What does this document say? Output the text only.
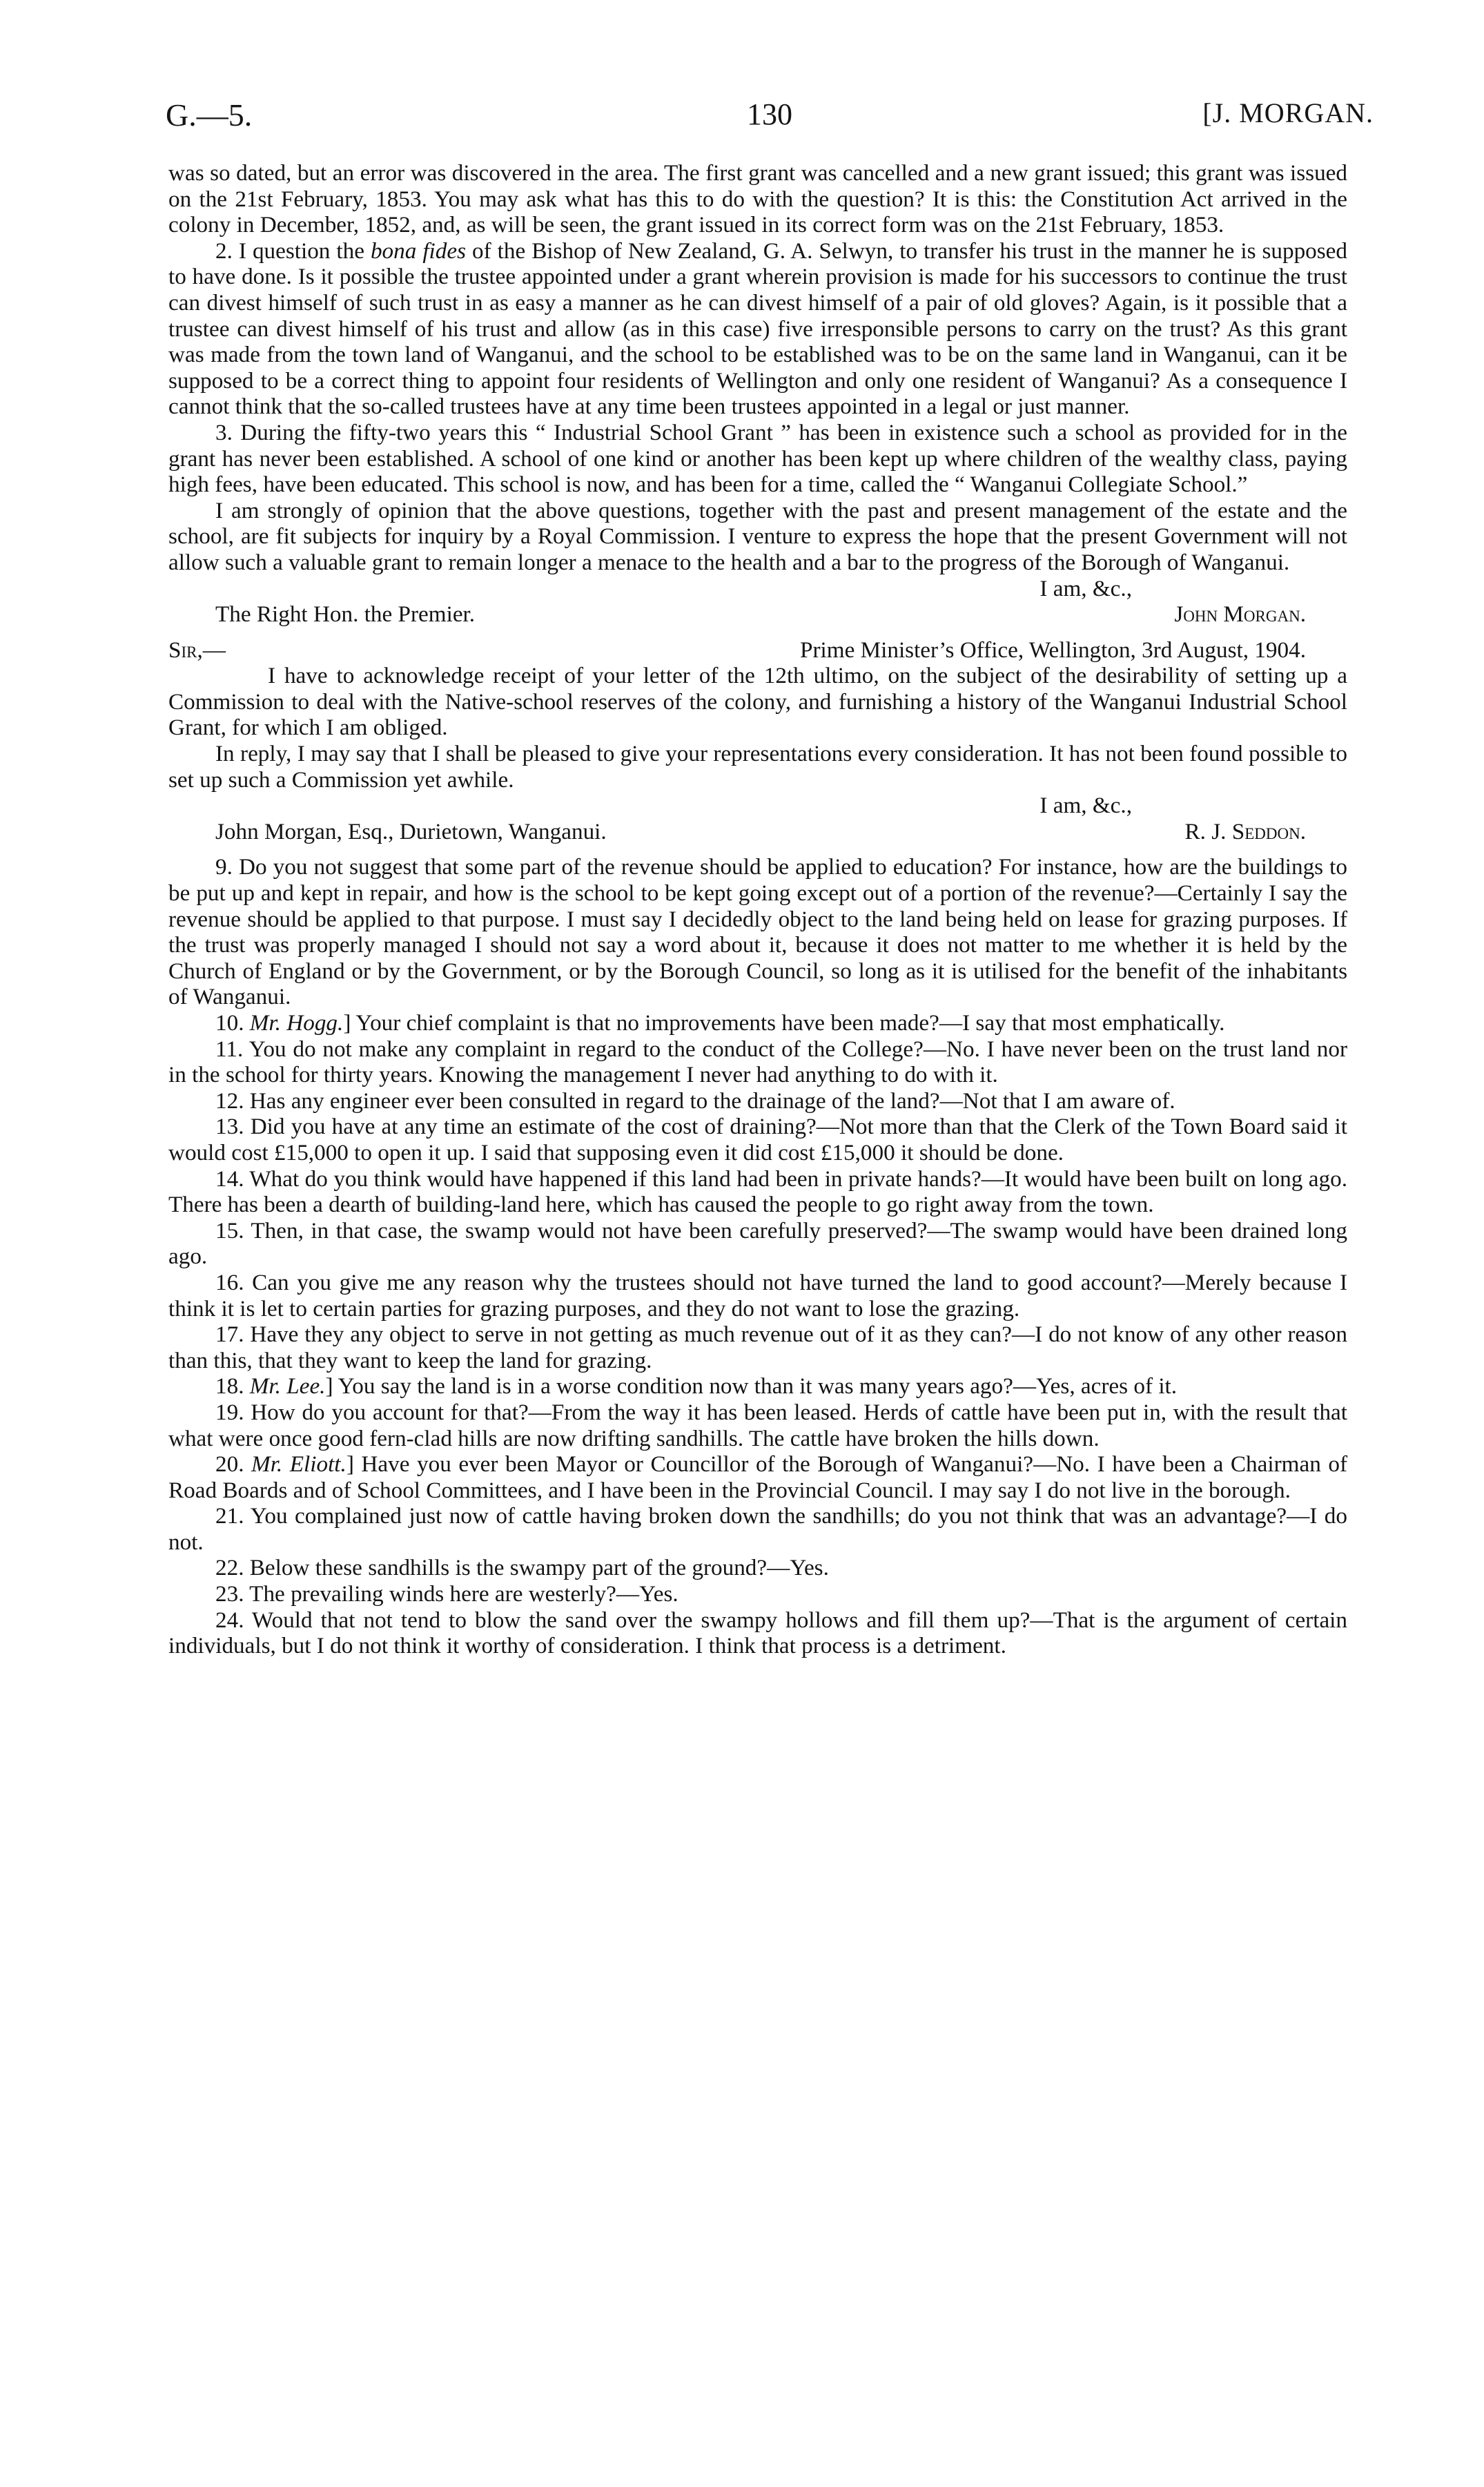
G.—5.	130	[J. MORGAN.

was so dated, but an error was discovered in the area. The first grant was cancelled and a new grant issued; this grant was issued on the 21st February, 1853. You may ask what has this to do with the question? It is this: the Constitution Act arrived in the colony in December, 1852, and, as will be seen, the grant issued in its correct form was on the 21st February, 1853.

2. I question the bona fides of the Bishop of New Zealand, G. A. Selwyn, to transfer his trust in the manner he is supposed to have done. Is it possible the trustee appointed under a grant wherein provision is made for his successors to continue the trust can divest himself of such trust in as easy a manner as he can divest himself of a pair of old gloves? Again, is it possible that a trustee can divest himself of his trust and allow (as in this case) five irresponsible persons to carry on the trust? As this grant was made from the town land of Wanganui, and the school to be established was to be on the same land in Wanganui, can it be supposed to be a correct thing to appoint four residents of Wellington and only one resident of Wanganui? As a consequence I cannot think that the so-called trustees have at any time been trustees appointed in a legal or just manner.

3. During the fifty-two years this “ Industrial School Grant ” has been in existence such a school as provided for in the grant has never been established. A school of one kind or another has been kept up where children of the wealthy class, paying high fees, have been educated. This school is now, and has been for a time, called the “ Wanganui Collegiate School.”

I am strongly of opinion that the above questions, together with the past and present management of the estate and the school, are fit subjects for inquiry by a Royal Commission. I venture to express the hope that the present Government will not allow such a valuable grant to remain longer a menace to the health and a bar to the progress of the Borough of Wanganui.

I am, &c.,

The Right Hon. the Premier.	John Morgan.
Sir,—	Prime Minister’s Office, Wellington, 3rd August, 1904.

I have to acknowledge receipt of your letter of the 12th ultimo, on the subject of the desirability of setting up a Commission to deal with the Native-school reserves of the colony, and furnishing a history of the Wanganui Industrial School Grant, for which I am obliged.

In reply, I may say that I shall be pleased to give your representations every consideration. It has not been found possible to set up such a Commission yet awhile.

I am, &c.,

John Morgan, Esq., Durietown, Wanganui.	R. J. Seddon.

9. Do you not suggest that some part of the revenue should be applied to education? For instance, how are the buildings to be put up and kept in repair, and how is the school to be kept going except out of a portion of the revenue?—Certainly I say the revenue should be applied to that purpose. I must say I decidedly object to the land being held on lease for grazing purposes. If the trust was properly managed I should not say a word about it, because it does not matter to me whether it is held by the Church of England or by the Government, or by the Borough Council, so long as it is utilised for the benefit of the inhabitants of Wanganui.

10. Mr. Hogg.] Your chief complaint is that no improvements have been made?—I say that most emphatically.

11. You do not make any complaint in regard to the conduct of the College?—No. I have never been on the trust land nor in the school for thirty years. Knowing the management I never had anything to do with it.

12. Has any engineer ever been consulted in regard to the drainage of the land?—Not that I am aware of.

13. Did you have at any time an estimate of the cost of draining?—Not more than that the Clerk of the Town Board said it would cost £15,000 to open it up. I said that supposing even it did cost £15,000 it should be done.

14. What do you think would have happened if this land had been in private hands?—It would have been built on long ago. There has been a dearth of building-land here, which has caused the people to go right away from the town.

15. Then, in that case, the swamp would not have been carefully preserved?—The swamp would have been drained long ago.

16. Can you give me any reason why the trustees should not have turned the land to good account?—Merely because I think it is let to certain parties for grazing purposes, and they do not want to lose the grazing.

17. Have they any object to serve in not getting as much revenue out of it as they can?—I do not know of any other reason than this, that they want to keep the land for grazing.

18. Mr. Lee.] You say the land is in a worse condition now than it was many years ago?—Yes, acres of it.

19. How do you account for that?—From the way it has been leased. Herds of cattle have been put in, with the result that what were once good fern-clad hills are now drifting sandhills. The cattle have broken the hills down.

20. Mr. Eliott.] Have you ever been Mayor or Councillor of the Borough of Wanganui?—No. I have been a Chairman of Road Boards and of School Committees, and I have been in the Provincial Council. I may say I do not live in the borough.

21. You complained just now of cattle having broken down the sandhills; do you not think that was an advantage?—I do not.

22. Below these sandhills is the swampy part of the ground?—Yes.

23. The prevailing winds here are westerly?—Yes.

24. Would that not tend to blow the sand over the swampy hollows and fill them up?—That is the argument of certain individuals, but I do not think it worthy of consideration. I think that process is a detriment.
